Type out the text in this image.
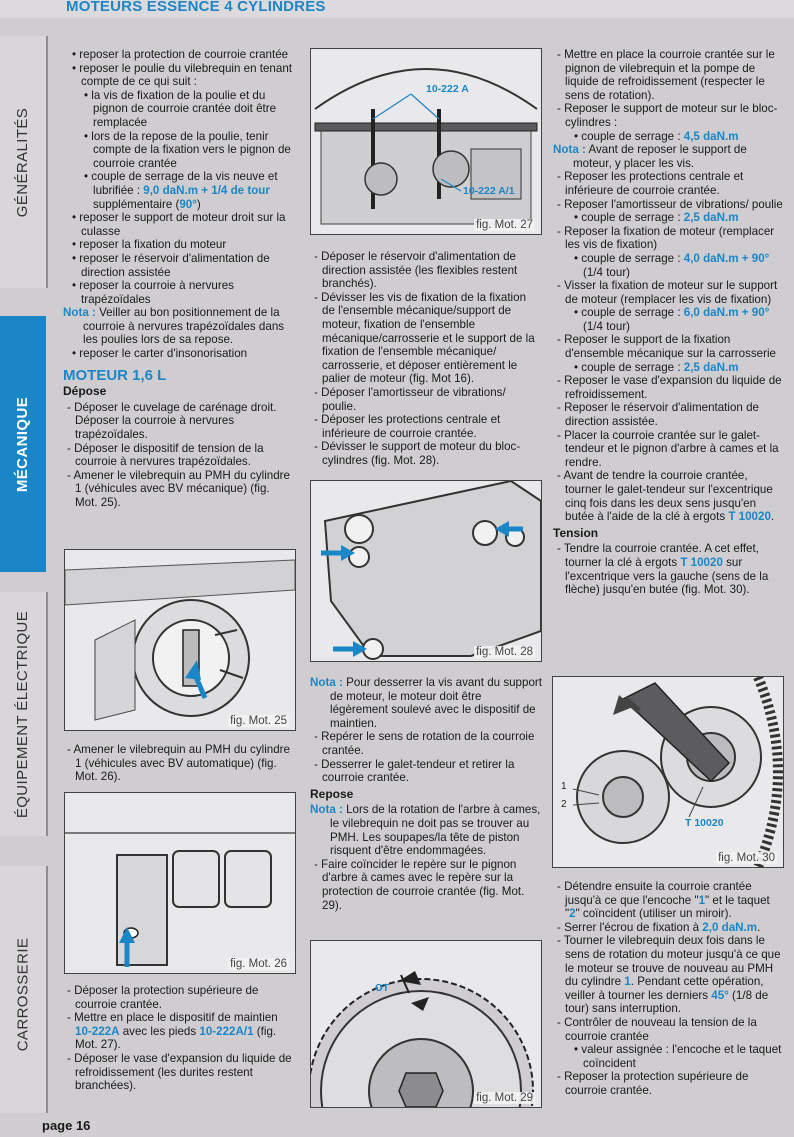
MOTEURS ESSENCE 4 CYLINDRES
GÉNÉRALITÉS
MÉCANIQUE
ÉQUIPEMENT ÉLECTRIQUE
CARROSSERIE
page 16

• reposer la protection de courroie crantée

• reposer le poulie du vilebrequin en tenant compte de ce qui suit :

• la vis de fixation de la poulie et du pignon de courroie crantée doit être remplacée

• lors de la repose de la poulie, tenir compte de la fixation vers le pignon de courroie crantée

• couple de serrage de la vis neuve et lubrifiée : 9,0 daN.m + 1/4 de tour supplémentaire (90°)

• reposer le support de moteur droit sur la culasse

• reposer la fixation du moteur

• reposer le réservoir d'alimentation de direction assistée

• reposer la courroie à nervures trapézoïdales

Nota : Veiller au bon positionnement de la courroie à nervures trapézoïdales dans les poulies lors de sa repose.

• reposer le carter d'insonorisation

MOTEUR 1,6 L

Dépose

- Déposer le cuvelage de carénage droit. Déposer la courroie à nervures trapézoïdales.

- Déposer le dispositif de tension de la courroie à nervures trapézoïdales.

- Amener le vilebrequin au PMH du cylindre 1 (véhicules avec BV mécanique) (fig. Mot. 25).

fig. Mot. 25

- Amener le vilebrequin au PMH du cylindre 1 (véhicules avec BV automatique) (fig. Mot. 26).

fig. Mot. 26

- Déposer la protection supérieure de courroie crantée.

- Mettre en place le dispositif de maintien 10-222A avec les pieds 10-222A/1 (fig. Mot. 27).

- Déposer le vase d'expansion du liquide de refroidissement (les durites restent branchées).

10-222 A
10-222 A/1
fig. Mot. 27

- Déposer le réservoir d'alimentation de direction assistée (les flexibles restent branchés).

- Dévisser les vis de fixation de la fixation de l'ensemble mécanique/support de moteur, fixation de l'ensemble mécanique/carrosserie et le support de la fixation de l'ensemble mécanique/ carrosserie, et déposer entièrement le palier de moteur (fig. Mot 16).

- Déposer l'amortisseur de vibrations/ poulie.

- Déposer les protections centrale et inférieure de courroie crantée.

- Dévisser le support de moteur du bloc-cylindres (fig. Mot. 28).

fig. Mot. 28

Nota : Pour desserrer la vis avant du support de moteur, le moteur doit être légèrement soulevé avec le dispositif de maintien.

- Repérer le sens de rotation de la courroie crantée.

- Desserrer le galet-tendeur et retirer la courroie crantée.

Repose

Nota : Lors de la rotation de l'arbre à cames, le vilebrequin ne doit pas se trouver au PMH. Les soupapes/la tête de piston risquent d'être endommagées.

- Faire coïncider le repère sur le pignon d'arbre à cames avec le repère sur la protection de courroie crantée (fig. Mot. 29).

OT
fig. Mot. 29

- Mettre en place la courroie crantée sur le pignon de vilebrequin et la pompe de liquide de refroidissement (respecter le sens de rotation).

- Reposer le support de moteur sur le bloc-cylindres :

• couple de serrage : 4,5 daN.m

Nota : Avant de reposer le support de moteur, y placer les vis.

- Reposer les protections centrale et inférieure de courroie crantée.

- Reposer l'amortisseur de vibrations/ poulie

• couple de serrage : 2,5 daN.m

- Reposer la fixation de moteur (remplacer les vis de fixation)

• couple de serrage : 4,0 daN.m + 90° (1/4 tour)

- Visser la fixation de moteur sur le support de moteur (remplacer les vis de fixation)

• couple de serrage : 6,0 daN.m + 90° (1/4 tour)

- Reposer le support de la fixation d'ensemble mécanique sur la carrosserie

• couple de serrage : 2,5 daN.m

- Reposer le vase d'expansion du liquide de refroidissement.

- Reposer le réservoir d'alimentation de direction assistée.

- Placer la courroie crantée sur le galet-tendeur et le pignon d'arbre à cames et la rendre.

- Avant de tendre la courroie crantée, tourner le galet-tendeur sur l'excentrique cinq fois dans les deux sens jusqu'en butée à l'aide de la clé à ergots T 10020.

Tension

- Tendre la courroie crantée. A cet effet, tourner la clé à ergots T 10020 sur l'excentrique vers la gauche (sens de la flèche) jusqu'en butée (fig. Mot. 30).

1
2
T 10020
fig. Mot. 30

- Détendre ensuite la courroie crantée jusqu'à ce que l'encoche "1" et le taquet "2" coïncident (utiliser un miroir).

- Serrer l'écrou de fixation à 2,0 daN.m.

- Tourner le vilebrequin deux fois dans le sens de rotation du moteur jusqu'à ce que le moteur se trouve de nouveau au PMH du cylindre 1. Pendant cette opération, veiller à tourner les derniers 45° (1/8 de tour) sans interruption.

- Contrôler de nouveau la tension de la courroie crantée

• valeur assignée : l'encoche et le taquet coïncident

- Reposer la protection supérieure de courroie crantée.
